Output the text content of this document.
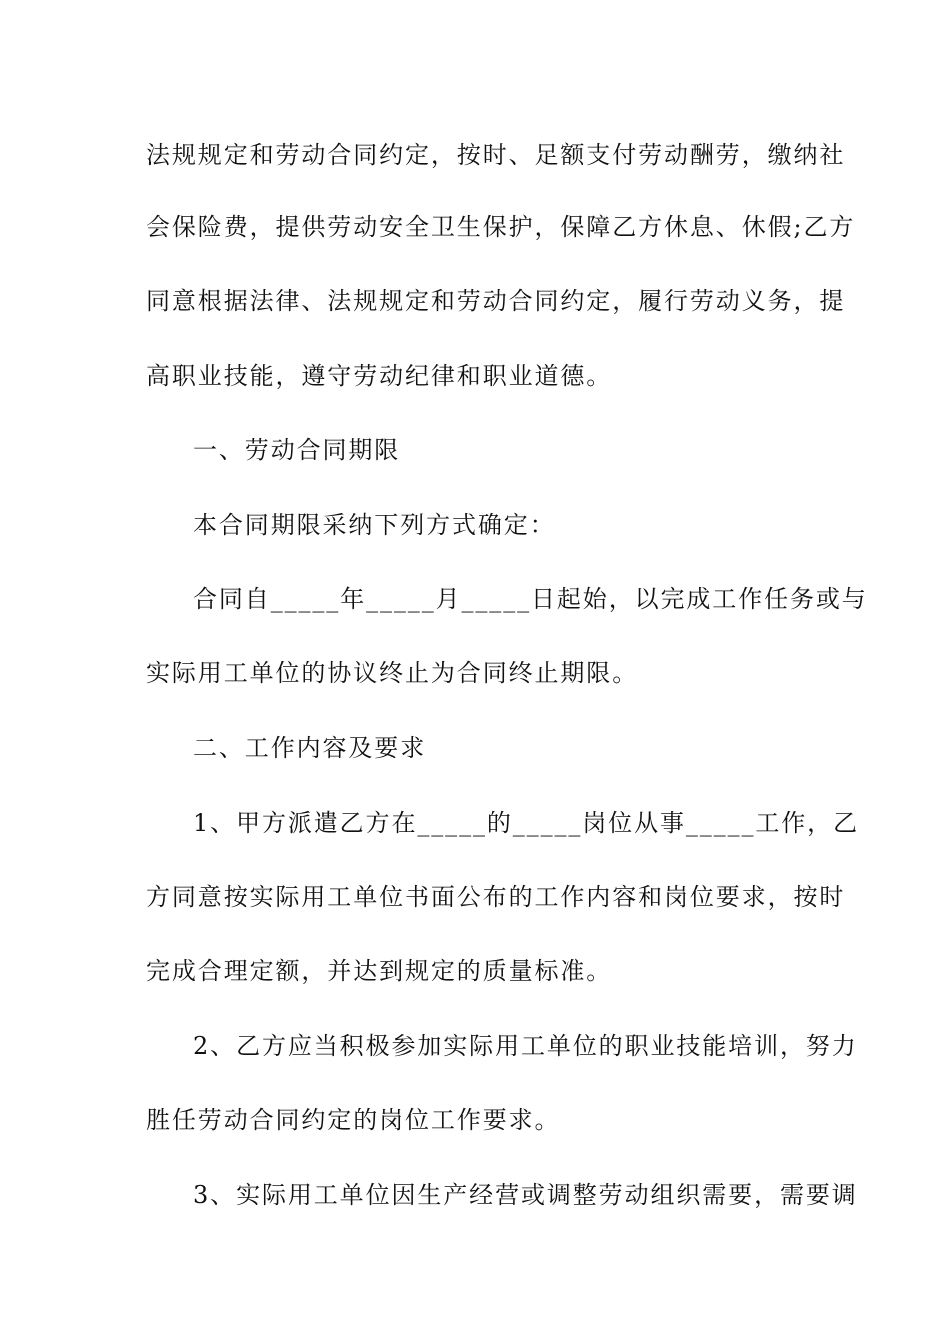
法规规定和劳动合同约定，按时、足额支付劳动酬劳，缴纳社

会保险费，提供劳动安全卫生保护，保障乙方休息、休假;乙方

同意根据法律、法规规定和劳动合同约定，履行劳动义务，提

高职业技能，遵守劳动纪律和职业道德。

一、劳动合同期限

本合同期限采纳下列方式确定：

合同自_____年_____月_____日起始，以完成工作任务或与

实际用工单位的协议终止为合同终止期限。

二、工作内容及要求

1、甲方派遣乙方在_____的_____岗位从事_____工作，乙

方同意按实际用工单位书面公布的工作内容和岗位要求，按时

完成合理定额，并达到规定的质量标准。

2、乙方应当积极参加实际用工单位的职业技能培训，努力

胜任劳动合同约定的岗位工作要求。

3、实际用工单位因生产经营或调整劳动组织需要，需要调
